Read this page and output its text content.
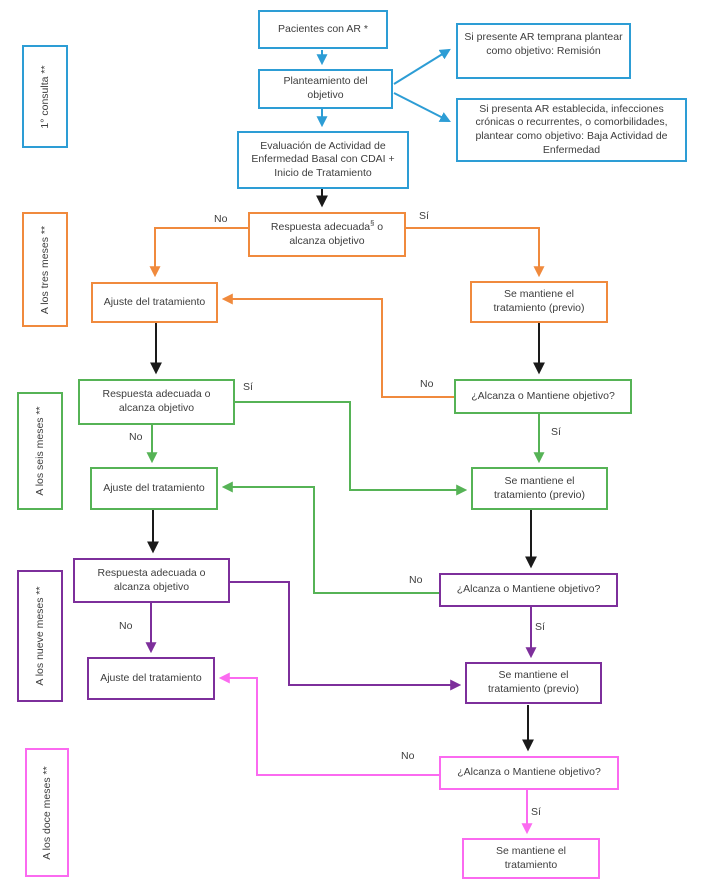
1° consulta **
A los tres meses **
A los seis meses **
A los nueve meses **
A los doce meses **
Pacientes con AR *
Planteamiento del objetivo
Evaluación de Actividad de Enfermedad Basal con CDAI + Inicio de Tratamiento
Si presente AR temprana plantear como objetivo: Remisión
Si presenta AR establecida, infecciones crónicas o recurrentes, o comorbilidades, plantear como objetivo: Baja Actividad de Enfermedad
Respuesta adecuada§ o alcanza objetivo
Ajuste del tratamiento
Se mantiene el tratamiento (previo)
¿Alcanza o Mantiene objetivo?
Respuesta adecuada o alcanza objetivo
Ajuste del tratamiento
Se mantiene el tratamiento (previo)
¿Alcanza o Mantiene objetivo?
Respuesta adecuada o alcanza objetivo
Ajuste del tratamiento	Se mantiene el tratamiento (previo)
¿Alcanza o Mantiene objetivo?
Se mantiene el tratamiento
No	Sí
No
No
Sí
Sí
No
No
Sí
No
Sí
